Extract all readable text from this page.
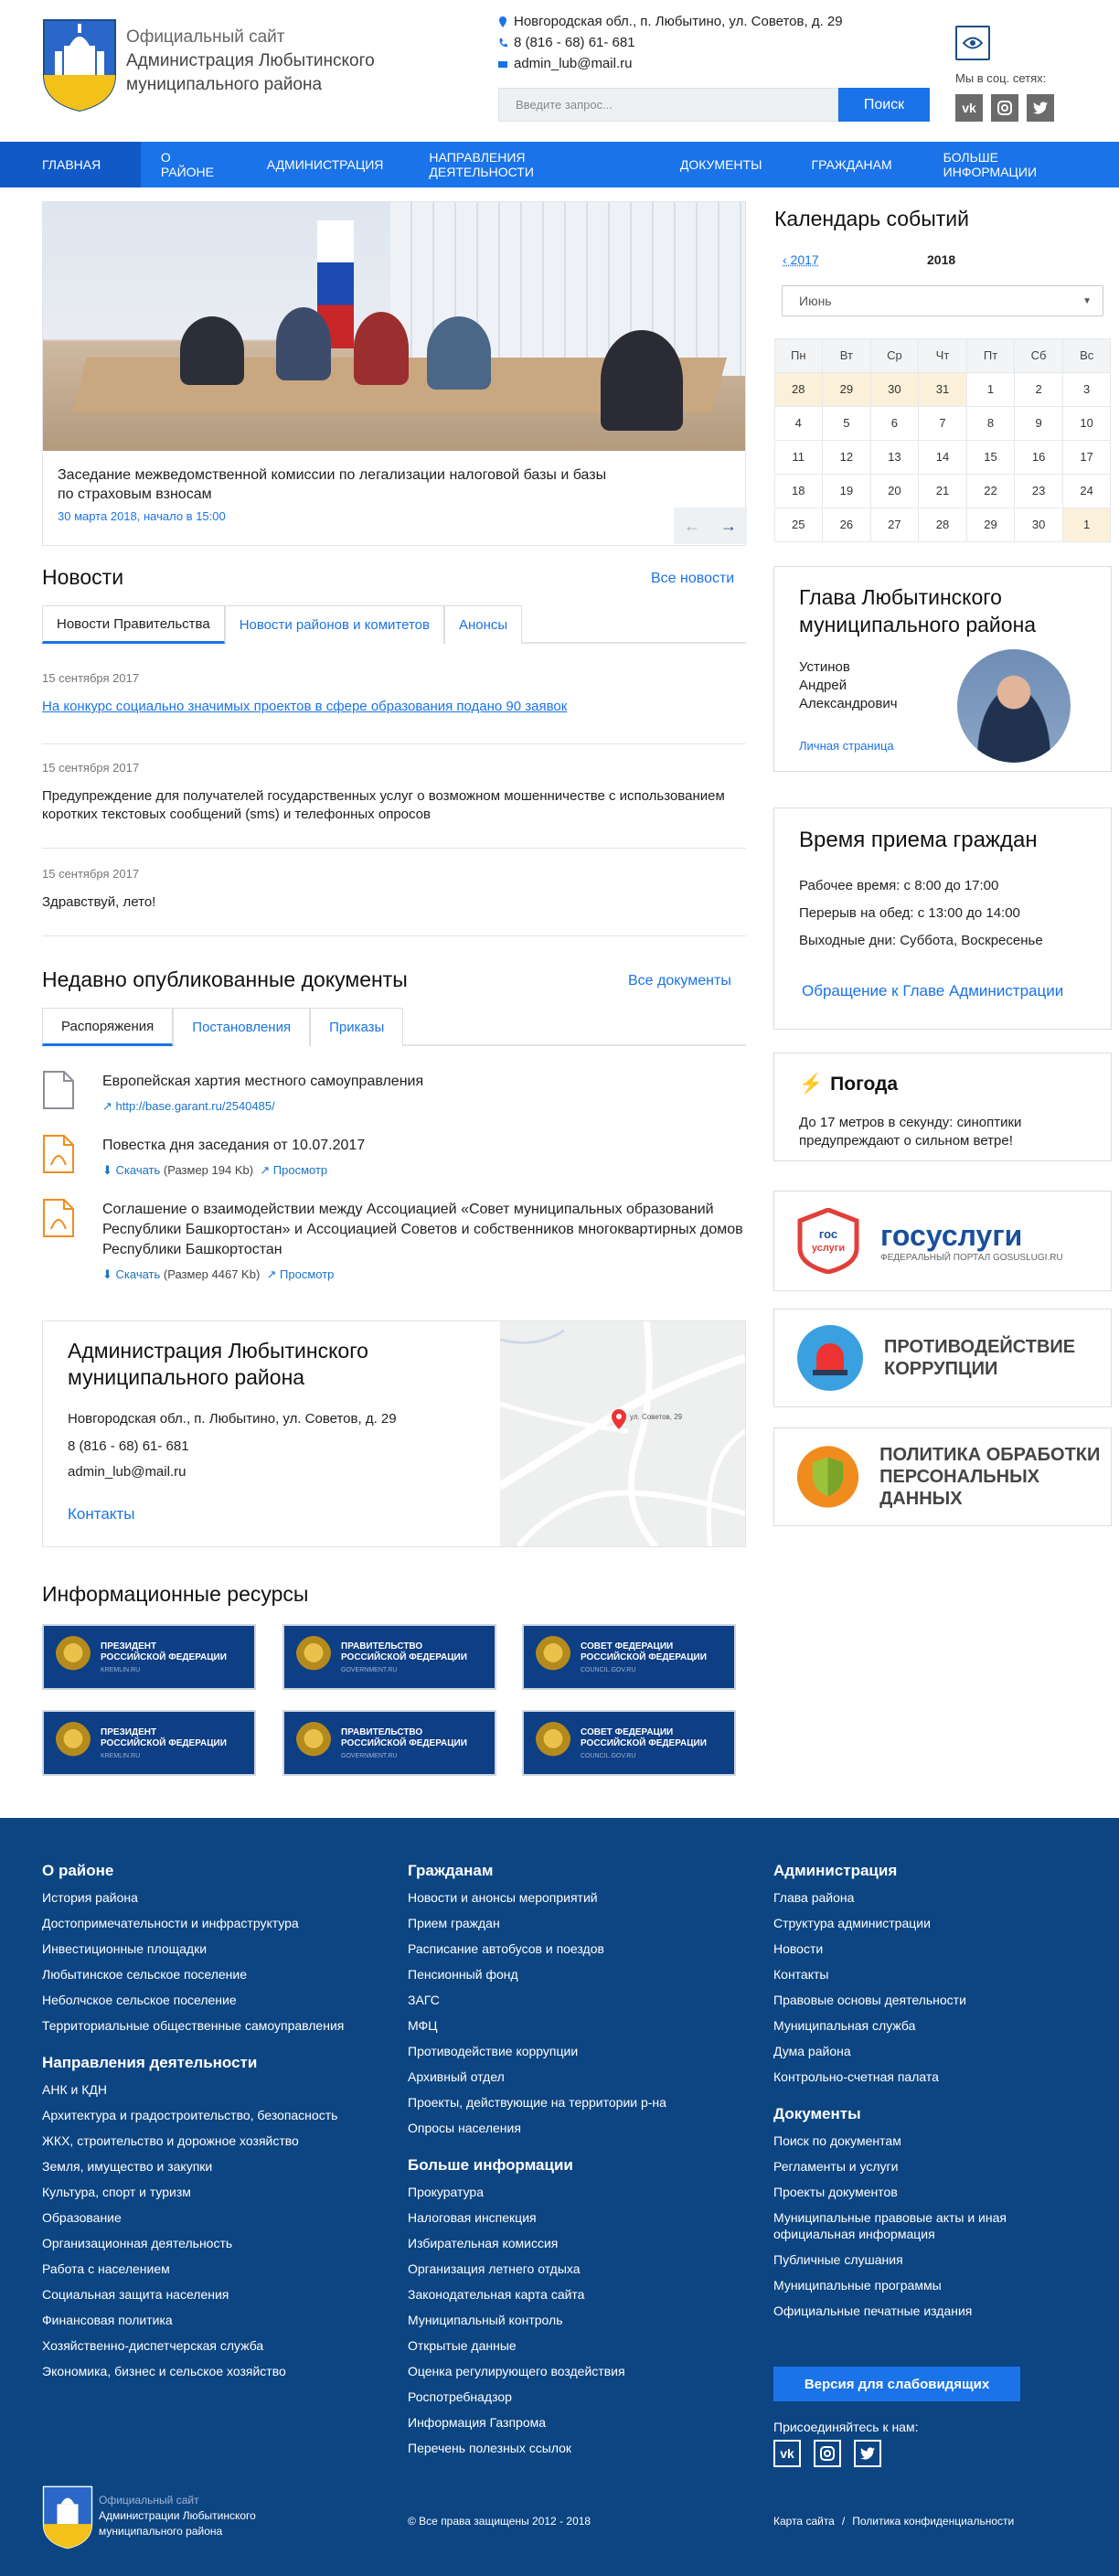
Официальный сайт
Администрация Любытинского
муниципального района
Новгородская обл., п. Любытино, ул. Советов, д. 29
8 (816 - 68) 61- 681
admin_lub@mail.ru
Введите запрос...	Поиск
Мы в соц. сетях:
vk
ГЛАВНАЯ	О РАЙОНЕ	АДМИНИСТРАЦИЯ	НАПРАВЛЕНИЯ ДЕЯТЕЛЬНОСТИ	ДОКУМЕНТЫ	ГРАЖДАНАМ	БОЛЬШЕ ИНФОРМАЦИИ
Заседание межведомственной комиссии по легализации налоговой базы и базы по страховым взносам
30 марта 2018, начало в 15:00	←	→
Новости	Все новости
Новости Правительства	Новости районов и комитетов	Анонсы
15 сентября 2017
На конкурс социально значимых проектов в сфере образования подано 90 заявок
15 сентября 2017
Предупреждение для получателей государственных услуг о возможном мошенничестве с использованием коротких текстовых сообщений (sms) и телефонных опросов
15 сентября 2017
Здравствуй, лето!
Недавно опубликованные документы	Все документы
Распоряжения	Постановления	Приказы
Европейская хартия местного самоуправления
↗ http://base.garant.ru/2540485/
Повестка дня заседания от 10.07.2017
⬇ Скачать (Размер 194 Kb)  ↗ Просмотр
Соглашение о взаимодействии между Ассоциацией «Совет муниципальных образований Республики Башкортостан» и Ассоциацией Советов и собственников многоквартирных домов Республики Башкортостан
⬇ Скачать (Размер 4467 Kb)  ↗ Просмотр
Администрация Любытинского муниципального района
Новгородская обл., п. Любытино, ул. Советов, д. 29
8 (816 - 68) 61- 681
admin_lub@mail.ru
Контакты
ул. Советов, 29
Информационные ресурсы
ПРЕЗИДЕНТ
РОССИЙСКОЙ ФЕДЕРАЦИИ
KREMLIN.RU
ПРАВИТЕЛЬСТВО
РОССИЙСКОЙ ФЕДЕРАЦИИ
GOVERNMENT.RU
СОВЕТ ФЕДЕРАЦИИ
РОССИЙСКОЙ ФЕДЕРАЦИИ
COUNCIL.GOV.RU
ПРЕЗИДЕНТ
РОССИЙСКОЙ ФЕДЕРАЦИИ
KREMLIN.RU
ПРАВИТЕЛЬСТВО
РОССИЙСКОЙ ФЕДЕРАЦИИ
GOVERNMENT.RU
СОВЕТ ФЕДЕРАЦИИ
РОССИЙСКОЙ ФЕДЕРАЦИИ
COUNCIL.GOV.RU
Календарь событий
‹ 2017	2018
Июнь	▼
Пн	Вт	Ср	Чт	Пт	Сб	Вс
28	29	30	31	1	2	3
4	5	6	7	8	9	10
11	12	13	14	15	16	17
18	19	20	21	22	23	24
25	26	27	28	29	30	1
Глава Любытинского муниципального района
Устинов
Андрей
Александрович
Личная страница
Время приема граждан
Рабочее время: с 8:00 до 17:00
Перерыв на обед: с 13:00 до 14:00
Выходные дни: Суббота, Воскресенье
Обращение к Главе Администрации
⚡ Погода
До 17 метров в секунду: синоптики предупреждают о сильном ветре!
гос
услуги госуслуги
ФЕДЕРАЛЬНЫЙ ПОРТАЛ GOSUSLUGI.RU
ПРОТИВОДЕЙСТВИЕ
КОРРУПЦИИ
ПОЛИТИКА ОБРАБОТКИ
ПЕРСОНАЛЬНЫХ ДАННЫХ
О районе
История района
Достопримечательности и инфраструктура
Инвестиционные площадки
Любытинское сельское поселение
Неболчское сельское поселение
Территориальные общественные самоуправления
Направления деятельности
АНК и КДН
Архитектура и градостроительство, безопасность
ЖКХ, строительство и дорожное хозяйство
Земля, имущество и закупки
Культура, спорт и туризм
Образование
Организационная деятельность
Работа с населением
Социальная защита населения
Финансовая политика
Хозяйственно-диспетчерская служба
Экономика, бизнес и сельское хозяйство
Гражданам
Новости и анонсы мероприятий
Прием граждан
Расписание автобусов и поездов
Пенсионный фонд
ЗАГС
МФЦ
Противодействие коррупции
Архивный отдел
Проекты, действующие на территории р-на
Опросы населения
Больше информации
Прокуратура
Налоговая инспекция
Избирательная комиссия
Организация летнего отдыха
Законодательная карта сайта
Муниципальный контроль
Открытые данные
Оценка регулирующего воздействия
Роспотребнадзор
Информация Газпрома
Перечень полезных ссылок
Администрация
Глава района
Структура администрации
Новости
Контакты
Правовые основы деятельности
Муниципальная служба
Дума района
Контрольно-счетная палата
Документы
Поиск по документам
Регламенты и услуги
Проекты документов
Муниципальные правовые акты и иная официальная информация
Публичные слушания
Муниципальные программы
Официальные печатные издания
Версия для слабовидящих
Присоединяйтесь к нам:
vk
Официальный сайт
Администрации Любытинского
муниципального района
© Все права защищены 2012 - 2018	Карта сайта / Политика конфиденциальности
